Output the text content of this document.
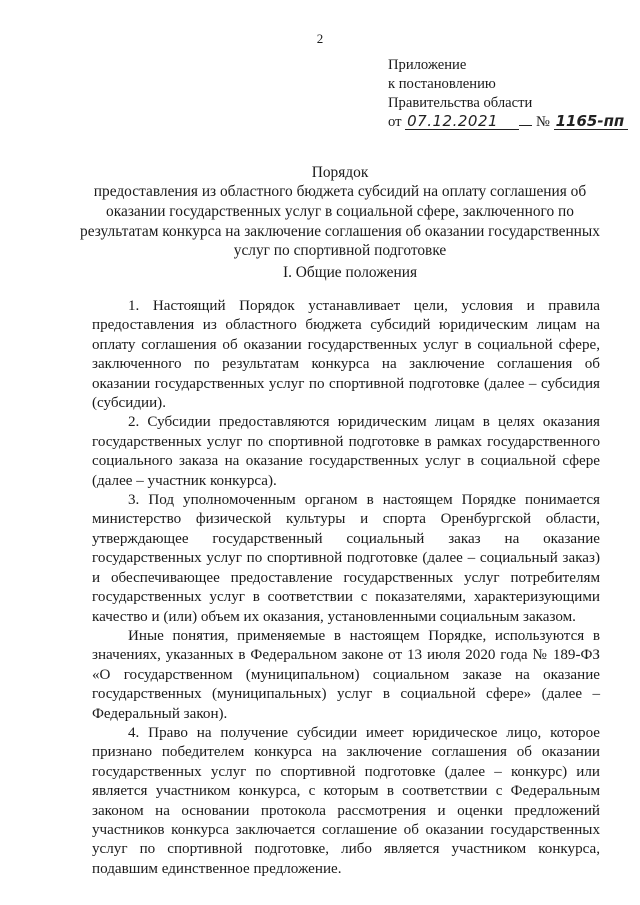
2
Приложение
к постановлению
Правительства области
от
07.12.2021
	№
1165-пп
Порядок
предоставления из областного бюджета субсидий на оплату соглашения об оказании государственных услуг в социальной сфере, заключенного по результатам конкурса на заключение соглашения об оказании государственных услуг по спортивной подготовке
I. Общие положения

1. Настоящий Порядок устанавливает цели, условия и правила предоставления из областного бюджета субсидий юридическим лицам на оплату соглашения об оказании государственных услуг в социальной сфере, заключенного по результатам конкурса на заключение соглашения об оказании государственных услуг по спортивной подготовке (далее – субсидия (субсидии).

2. Субсидии предоставляются юридическим лицам в целях оказания государственных услуг по спортивной подготовке в рамках государственного социального заказа на оказание государственных услуг в социальной сфере (далее – участник конкурса).

3. Под уполномоченным органом в настоящем Порядке понимается министерство физической культуры и спорта Оренбургской области, утверждающее государственный социальный заказ на оказание государственных услуг по спортивной подготовке (далее – социальный заказ) и обеспечивающее предоставление государственных услуг потребителям государственных услуг в соответствии с показателями, характеризующими качество и (или) объем их оказания, установленными социальным заказом.

Иные понятия, применяемые в настоящем Порядке, используются в значениях, указанных в Федеральном законе от 13 июля 2020 года № 189-ФЗ «О государственном (муниципальном) социальном заказе на оказание государственных (муниципальных) услуг в социальной сфере» (далее – Федеральный закон).

4. Право на получение субсидии имеет юридическое лицо, которое признано победителем конкурса на заключение соглашения об оказании государственных услуг по спортивной подготовке (далее – конкурс) или является участником конкурса, с которым в соответствии с Федеральным законом на основании протокола рассмотрения и оценки предложений участников конкурса заключается соглашение об оказании государственных услуг по спортивной подготовке, либо является участником конкурса, подавшим единственное предложение.
